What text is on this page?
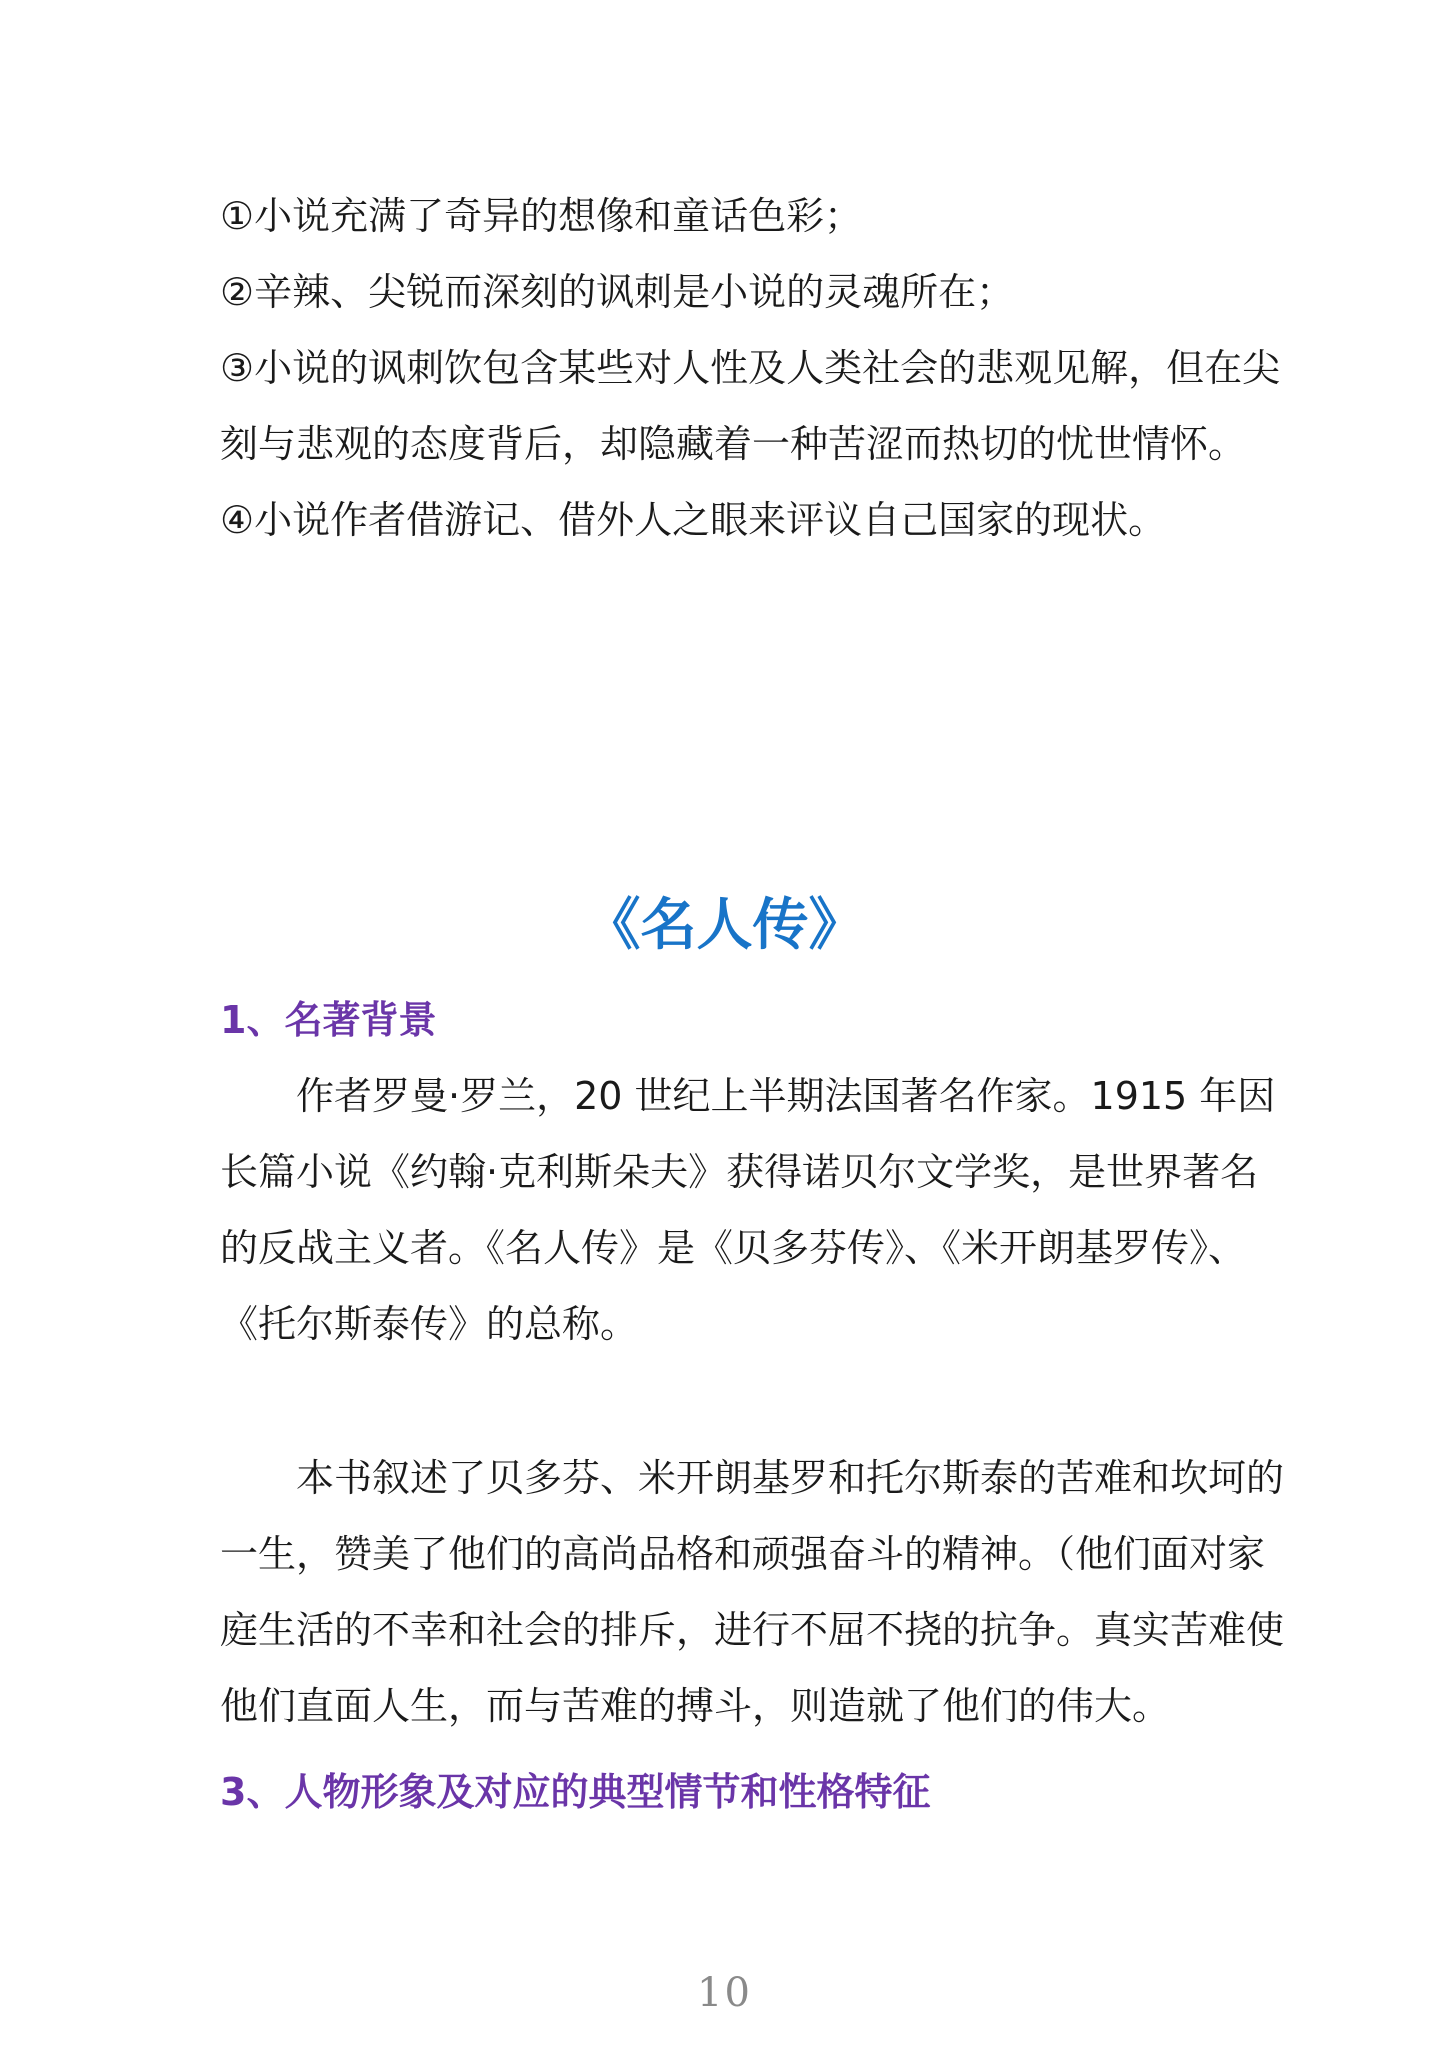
①小说充满了奇异的想像和童话色彩；
②辛辣、尖锐而深刻的讽刺是小说的灵魂所在；
③小说的讽刺饮包含某些对人性及人类社会的悲观见解，但在尖
刻与悲观的态度背后，却隐藏着一种苦涩而热切的忧世情怀。
④小说作者借游记、借外人之眼来评议自己国家的现状。
《名人传》
1、名著背景
作者罗曼·罗兰，20 世纪上半期法国著名作家。1915 年因
长篇小说《约翰·克利斯朵夫》获得诺贝尔文学奖，是世界著名
的反战主义者。《名人传》是《贝多芬传》、《米开朗基罗传》、
《托尔斯泰传》的总称。
本书叙述了贝多芬、米开朗基罗和托尔斯泰的苦难和坎坷的
一生，赞美了他们的高尚品格和顽强奋斗的精神。（他们面对家
庭生活的不幸和社会的排斥，进行不屈不挠的抗争。真实苦难使
他们直面人生，而与苦难的搏斗，则造就了他们的伟大。
3、人物形象及对应的典型情节和性格特征
10
